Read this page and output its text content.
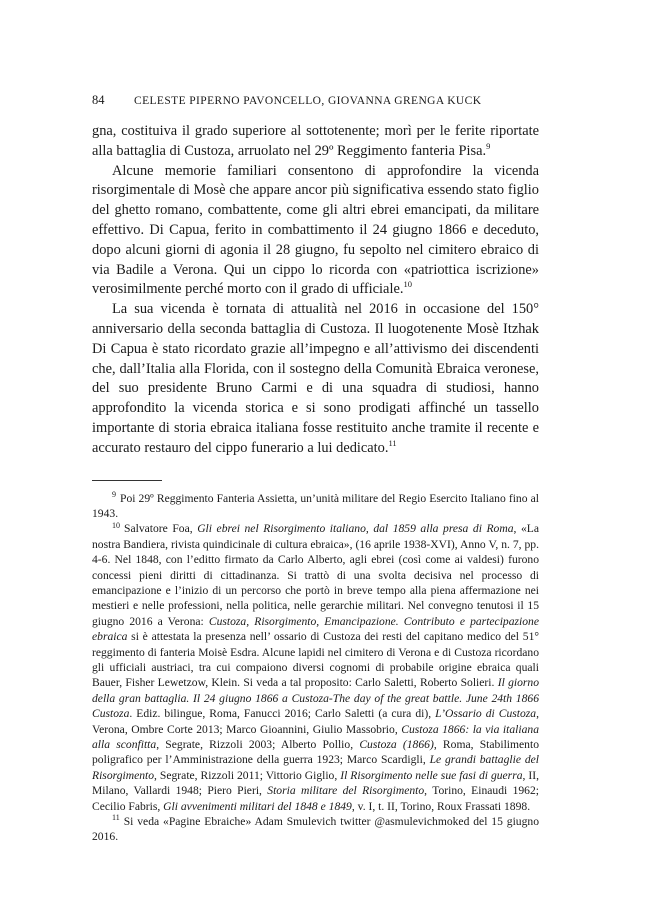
84	CELESTE PIPERNO PAVONCELLO, GIOVANNA GRENGA KUCK

gna, costituiva il grado superiore al sottotenente; morì per le ferite riportate alla battaglia di Custoza, arruolato nel 29º Reggimento fanteria Pisa.$^9$

Alcune memorie familiari consentono di approfondire la vicenda risorgimentale di Mosè che appare ancor più significativa essendo stato figlio del ghetto romano, combattente, come gli altri ebrei emancipati, da militare effettivo. Di Capua, ferito in combattimento il 24 giugno 1866 e deceduto, dopo alcuni giorni di agonia il 28 giugno, fu sepolto nel cimitero ebraico di via Badile a Verona. Qui un cippo lo ricorda con «patriottica iscrizione» verosimilmente perché morto con il grado di ufficiale.$^{10}$

La sua vicenda è tornata di attualità nel 2016 in occasione del 150° anniversario della seconda battaglia di Custoza. Il luogotenente Mosè Itzhak Di Capua è stato ricordato grazie all’impegno e all’attivismo dei discendenti che, dall’Italia alla Florida, con il sostegno della Comunità Ebraica veronese, del suo presidente Bruno Carmi e di una squadra di studiosi, hanno approfondito la vicenda storica e si sono prodigati affinché un tassello importante di storia ebraica italiana fosse restituito anche tramite il recente e accurato restauro del cippo funerario a lui dedicato.$^{11}$

$^9$ Poi 29º Reggimento Fanteria Assietta, un’unità militare del Regio Esercito Italiano fino al 1943.

$^{10}$ Salvatore Foa, Gli ebrei nel Risorgimento italiano, dal 1859 alla presa di Roma, «La nostra Bandiera, rivista quindicinale di cultura ebraica», (16 aprile 1938-XVI), Anno V, n. 7, pp. 4-6. Nel 1848, con l’editto firmato da Carlo Alberto, agli ebrei (così come ai valdesi) furono concessi pieni diritti di cittadinanza. Si trattò di una svolta decisiva nel processo di emancipazione e l’inizio di un percorso che portò in breve tempo alla piena affermazione nei mestieri e nelle professioni, nella politica, nelle gerarchie militari. Nel convegno tenutosi il 15 giugno 2016 a Verona: Custoza, Risorgimento, Emancipazione. Contributo e partecipazione ebraica si è attestata la presenza nell’ ossario di Custoza dei resti del capitano medico del 51° reggimento di fanteria Moisè Esdra. Alcune lapidi nel cimitero di Verona e di Custoza ricordano gli ufficiali austriaci, tra cui compaiono diversi cognomi di probabile origine ebraica quali Bauer, Fisher Lewetzow, Klein. Si veda a tal proposito: Carlo Saletti, Roberto Solieri. Il giorno della gran battaglia. Il 24 giugno 1866 a Custoza-The day of the great battle. June 24th 1866 Custoza. Ediz. bilingue, Roma, Fanucci 2016; Carlo Saletti (a cura di), L’Ossario di Custoza, Verona, Ombre Corte 2013; Marco Gioannini, Giulio Massobrio, Custoza 1866: la via italiana alla sconfitta, Segrate, Rizzoli 2003; Alberto Pollio, Custoza (1866), Roma, Stabilimento poligrafico per l’Amministrazione della guerra 1923; Marco Scardigli, Le grandi battaglie del Risorgimento, Segrate, Rizzoli 2011; Vittorio Giglio, Il Risorgimento nelle sue fasi di guerra, II, Milano, Vallardi 1948; Piero Pieri, Storia militare del Risorgimento, Torino, Einaudi 1962; Cecilio Fabris, Gli avvenimenti militari del 1848 e 1849, v. I, t. II, Torino, Roux Frassati 1898.

$^{11}$ Si veda «Pagine Ebraiche» Adam Smulevich twitter @asmulevichmoked del 15 giugno 2016.
